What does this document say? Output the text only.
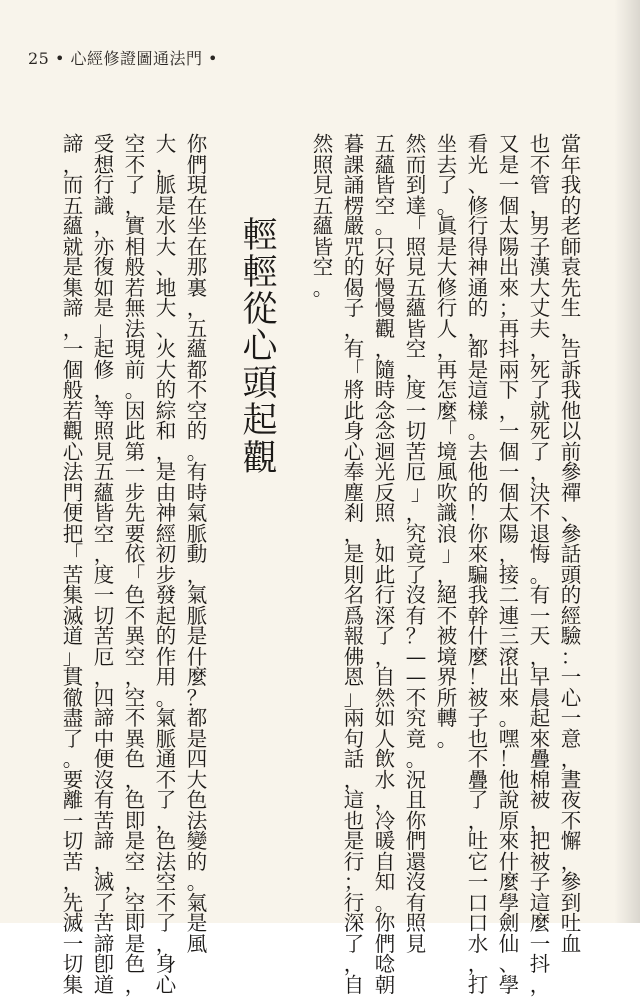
25 • 心經修證圖通法門 •
當年我的老師袁先生，告訴我他以前參禪、參話頭的經驗：一心一意，晝夜不懈，參到吐血
也不管，男子漢大丈夫，死了就死了，決不退悔。有一天，早晨起來疊棉被，把被子這麼一抖，
又是一個太陽出來；再抖兩下，一個一個太陽，接二連三滾出來。嘿！他說原來什麼學劍仙、學
看光、修行得神通的，都是這樣。去他的！你來騙我幹什麼！被子也不疊了，吐它一口口水，打
坐去了。眞是大修行人，再怎麼「境風吹識浪」，絕不被境界所轉。
然而到達「照見五蘊皆空，度一切苦厄」，究竟了沒有？——不究竟。況且你們還沒有照見
五蘊皆空。只好慢慢觀，隨時念念迴光反照，如此行深了，自然如人飲水，冷暖自知。你們唸朝
暮課誦楞嚴咒的偈子，有「將此身心奉塵剎，是則名爲報佛恩」兩句話，這也是行；行深了，自
然照見五蘊皆空。
輕輕從心頭起觀
你們現在坐在那裏，五蘊都不空的。有時氣脈動，氣脈是什麼？都是四大色法變的。氣是風
大，脈是水大、地大、火大的綜和，是由神經初步發起的作用。氣脈通不了，色法空不了，身心
空不了，實相般若無法現前。因此第一步先要依「色不異空，空不異色，色即是空，空即是色，
受想行識，亦復如是」起修，等照見五蘊皆空，度一切苦厄，四諦中便沒有苦諦，滅了苦諦卽道
諦，而五蘊就是集諦，一個般若觀心法門便把「苦集滅道」貫徹盡了。要離一切苦，先滅一切集
